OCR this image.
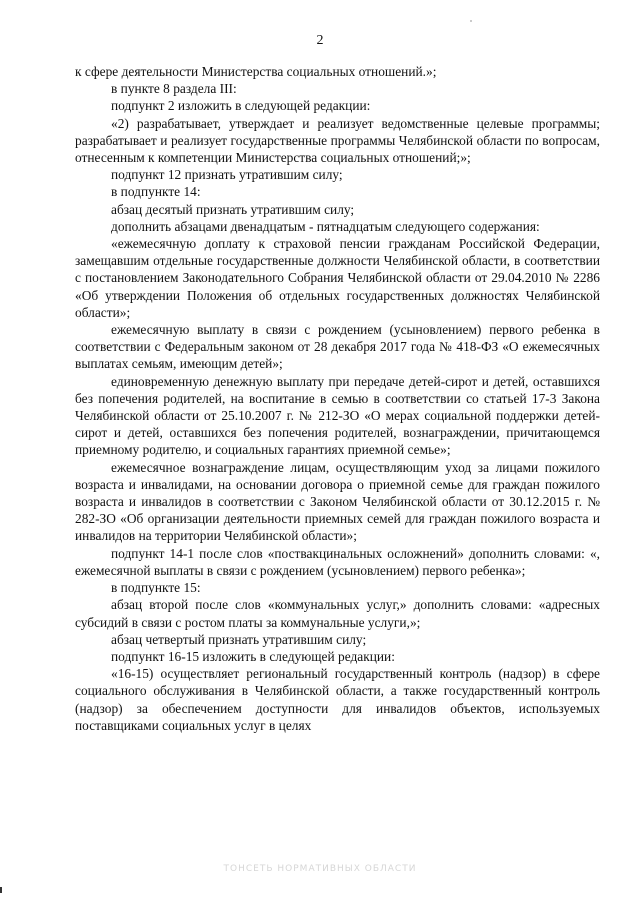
2

к сфере деятельности Министерства социальных отношений.»;

в пункте 8 раздела III:

подпункт 2 изложить в следующей редакции:

«2) разрабатывает, утверждает и реализует ведомственные целевые программы; разрабатывает и реализует государственные программы Челябинской области по вопросам, отнесенным к компетенции Министерства социальных отношений;»;

подпункт 12 признать утратившим силу;

в подпункте 14:

абзац десятый признать утратившим силу;

дополнить абзацами двенадцатым - пятнадцатым следующего содержания:

«ежемесячную доплату к страховой пенсии гражданам Российской Федерации, замещавшим отдельные государственные должности Челябинской области, в соответствии с постановлением Законодательного Собрания Челябинской области от 29.04.2010 № 2286 «Об утверждении Положения об отдельных государственных должностях Челябинской области»;

ежемесячную выплату в связи с рождением (усыновлением) первого ребенка в соответствии с Федеральным законом от 28 декабря 2017 года № 418-ФЗ «О ежемесячных выплатах семьям, имеющим детей»;

единовременную денежную выплату при передаче детей-сирот и детей, оставшихся без попечения родителей, на воспитание в семью в соответствии со статьей 17-3 Закона Челябинской области от 25.10.2007 г. № 212-ЗО «О мерах социальной поддержки детей-сирот и детей, оставшихся без попечения родителей, вознаграждении, причитающемся приемному родителю, и социальных гарантиях приемной семье»;

ежемесячное вознаграждение лицам, осуществляющим уход за лицами пожилого возраста и инвалидами, на основании договора о приемной семье для граждан пожилого возраста и инвалидов в соответствии с Законом Челябинской области от 30.12.2015 г. № 282-ЗО «Об организации деятельности приемных семей для граждан пожилого возраста и инвалидов на территории Челябинской области»;

подпункт 14-1 после слов «поствакцинальных осложнений» дополнить словами: «, ежемесячной выплаты в связи с рождением (усыновлением) первого ребенка»;

в подпункте 15:

абзац второй после слов «коммунальных услуг,» дополнить словами: «адресных субсидий в связи с ростом платы за коммунальные услуги,»;

абзац четвертый признать утратившим силу;

подпункт 16-15 изложить в следующей редакции:

«16-15) осуществляет региональный государственный контроль (надзор) в сфере социального обслуживания в Челябинской области, а также государственный контроль (надзор) за обеспечением доступности для инвалидов объектов, используемых поставщиками социальных услуг в целях

ТОНСЕТЬ НОРМАТИВНЫХ ОБЛАСТИ
